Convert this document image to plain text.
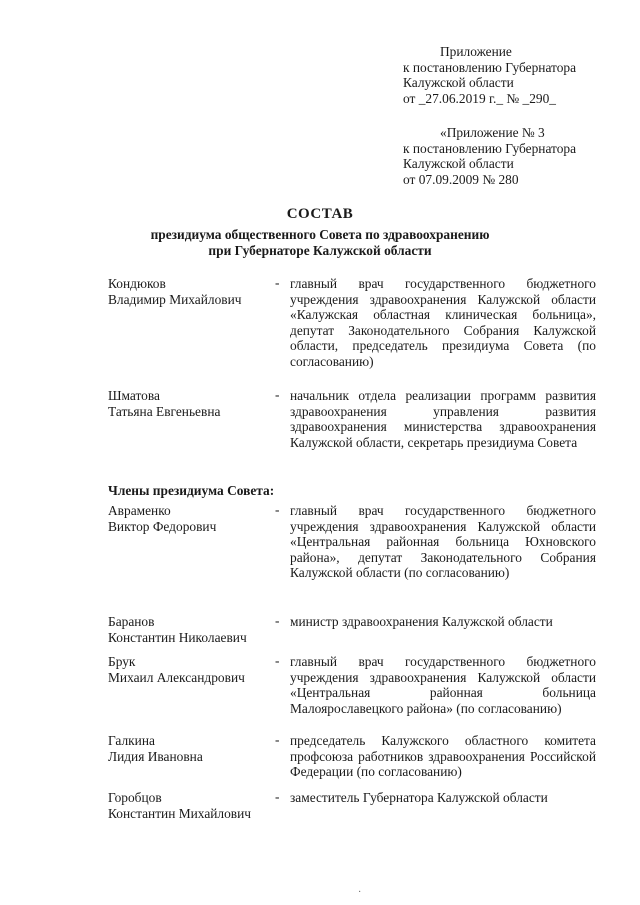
Приложение
к постановлению Губернатора
Калужской области
от _27.06.2019 г._ № _290_
«Приложение № 3
к постановлению Губернатора
Калужской области
от 07.09.2009 № 280
СОСТАВ
президиума общественного Совета по здравоохранению
при Губернаторе Калужской области
Кондюков
Владимир Михайлович
- главный врач государственного бюджетного учреждения здравоохранения Калужской области «Калужская областная клиническая больница», депутат Законодательного Собрания Калужской области, председатель президиума Совета (по согласованию)
Шматова
Татьяна Евгеньевна
- начальник отдела реализации программ развития здравоохранения управления развития здравоохранения министерства здравоохранения Калужской области, секретарь президиума Совета
Члены президиума Совета:
Авраменко
Виктор Федорович
- главный врач государственного бюджетного учреждения здравоохранения Калужской области «Центральная районная больница Юхновского района», депутат Законодательного Собрания Калужской области (по согласованию)
Баранов
Константин Николаевич
- министр здравоохранения Калужской области
Брук
Михаил Александрович
- главный врач государственного бюджетного учреждения здравоохранения Калужской области «Центральная районная больница Малоярославецкого района» (по согласованию)
Галкина
Лидия Ивановна
- председатель Калужского областного комитета профсоюза работников здравоохранения Российской Федерации (по согласованию)
Горобцов
Константин Михайлович
- заместитель Губернатора Калужской области
·
